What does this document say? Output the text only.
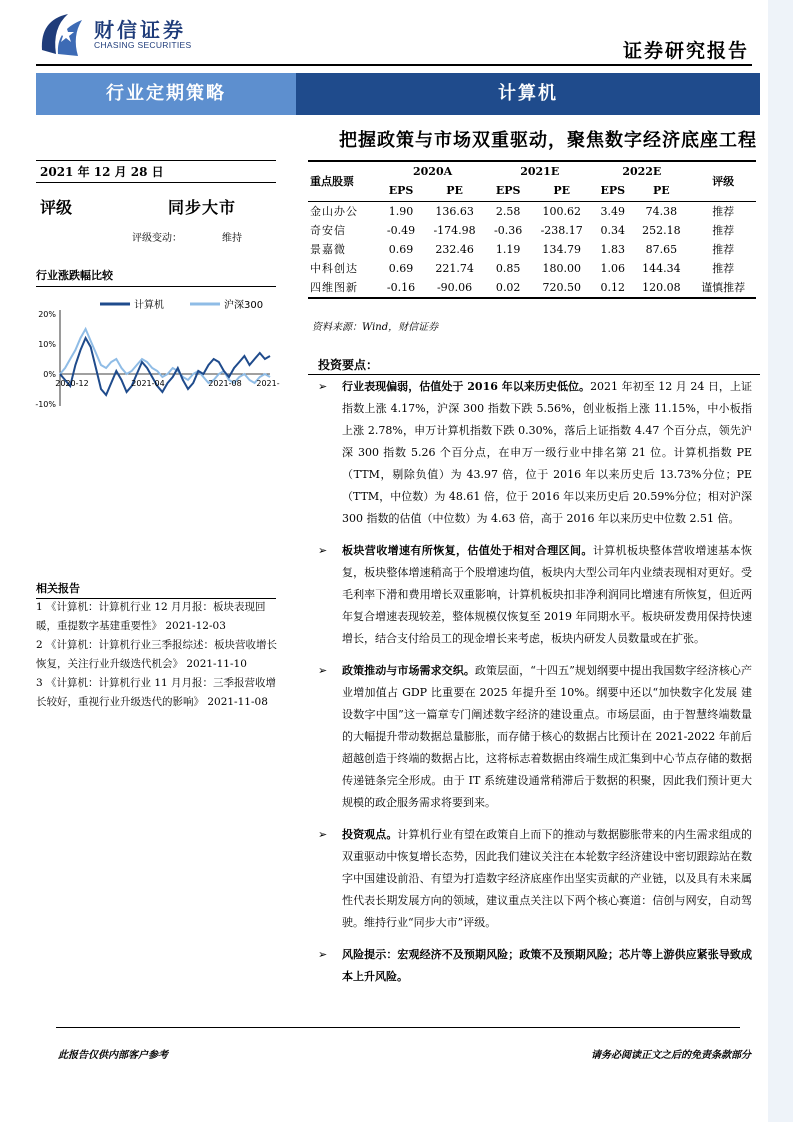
财信证券
CHASING SECURITIES	证券研究报告
行业定期策略	计算机
把握政策与市场双重驱动，聚焦数字经济底座工程
2021 年 12 月 28 日
评级	同步大市
评级变动：	维持
行业涨跌幅比较
计算机	沪深300
20%
10%
0%
-10%
2020-12	2021-04	2021-08 2021-
相关报告
1 《计算机：计算机行业 12 月月报：板块表现回暖，重提数字基建重要性》 2021-12-03
2 《计算机：计算机行业三季报综述：板块营收增长恢复，关注行业升级迭代机会》 2021-11-10
3 《计算机：计算机行业 11 月月报：三季报营收增长较好，重视行业升级迭代的影响》 2021-11-08
重点股票	2020A		2021E		2022E		评级
	EPS	PE	EPS	PE	EPS	PE	
金山办公	1.90	136.63	2.58	100.62	3.49	74.38	推荐
奇安信	-0.49	-174.98	-0.36	-238.17	0.34	252.18	推荐
景嘉微	0.69	232.46	1.19	134.79	1.83	87.65	推荐
中科创达	0.69	221.74	0.85	180.00	1.06	144.34	推荐
四维图新	-0.16	-90.06	0.02	720.50	0.12	120.08	谨慎推荐
资料来源：Wind，财信证券
投资要点：
➢ 行业表现偏弱，估值处于 2016 年以来历史低位。2021 年初至 12 月 24 日，上证指数上涨 4.17%，沪深 300 指数下跌 5.56%，创业板指上涨 11.15%，中小板指上涨 2.78%，申万计算机指数下跌 0.30%，落后上证指数 4.47 个百分点，领先沪深 300 指数 5.26 个百分点，在申万一级行业中排名第 21 位。计算机指数 PE（TTM，剔除负值）为 43.97 倍，位于 2016 年以来历史后 13.73%分位；PE（TTM，中位数）为 48.61 倍，位于 2016 年以来历史后 20.59%分位；相对沪深 300 指数的估值（中位数）为 4.63 倍，高于 2016 年以来历史中位数 2.51 倍。
➢ 板块营收增速有所恢复，估值处于相对合理区间。计算机板块整体营收增速基本恢复，板块整体增速稍高于个股增速均值，板块内大型公司年内业绩表现相对更好。受毛利率下滑和费用增长双重影响，计算机板块扣非净利润同比增速有所恢复，但近两年复合增速表现较差，整体规模仅恢复至 2019 年同期水平。板块研发费用保持快速增长，结合支付给员工的现金增长来考虑，板块内研发人员数量或在扩张。
➢ 政策推动与市场需求交织。政策层面，“十四五”规划纲要中提出我国数字经济核心产业增加值占 GDP 比重要在 2025 年提升至 10%。纲要中还以“加快数字化发展 建设数字中国”这一篇章专门阐述数字经济的建设重点。市场层面，由于智慧终端数量的大幅提升带动数据总量膨胀，而存储于核心的数据占比预计在 2021-2022 年前后超越创造于终端的数据占比，这将标志着数据由终端生成汇集到中心节点存储的数据传递链条完全形成。由于 IT 系统建设通常稍滞后于数据的积聚，因此我们预计更大规模的政企服务需求将要到来。
➢ 投资观点。计算机行业有望在政策自上而下的推动与数据膨胀带来的内生需求组成的双重驱动中恢复增长态势，因此我们建议关注在本轮数字经济建设中密切跟踪站在数字中国建设前沿、有望为打造数字经济底座作出坚实贡献的产业链，以及具有未来属性代表长期发展方向的领域，建议重点关注以下两个核心赛道：信创与网安，自动驾驶。维持行业“同步大市”评级。
➢ 风险提示：宏观经济不及预期风险；政策不及预期风险；芯片等上游供应紧张导致成本上升风险。
此报告仅供内部客户参考	请务必阅读正文之后的免责条款部分
